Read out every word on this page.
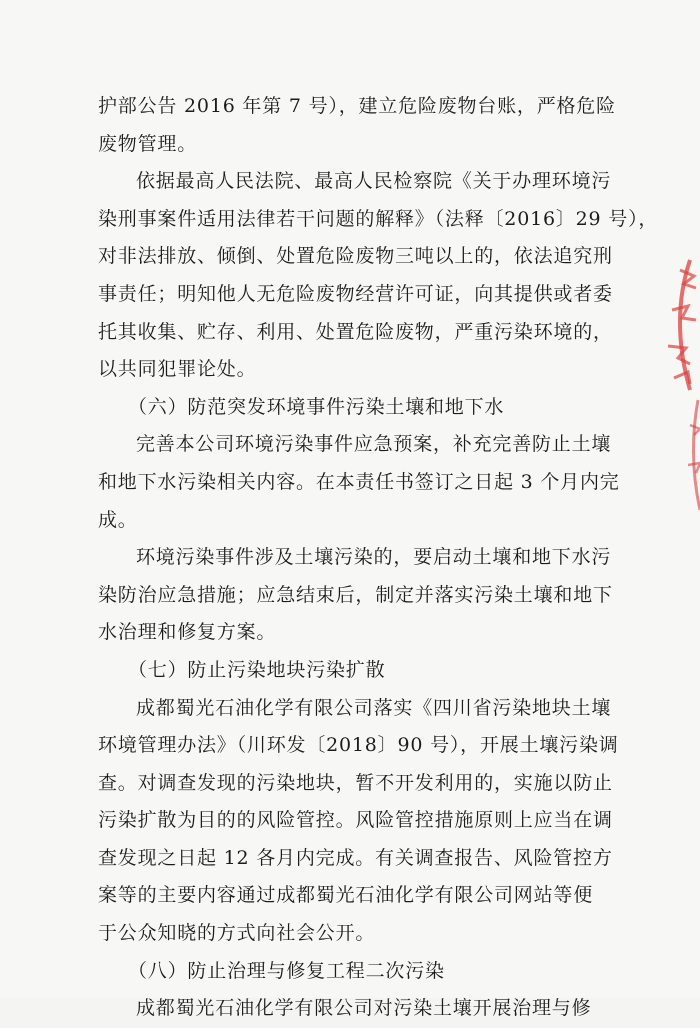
护部公告 2016 年第 7 号），建立危险废物台账，严格危险
废物管理。
依据最高人民法院、最高人民检察院《关于办理环境污
染刑事案件适用法律若干问题的解释》（法释〔2016〕29 号），
对非法排放、倾倒、处置危险废物三吨以上的，依法追究刑
事责任；明知他人无危险废物经营许可证，向其提供或者委
托其收集、贮存、利用、处置危险废物，严重污染环境的，
以共同犯罪论处。
（六）防范突发环境事件污染土壤和地下水
完善本公司环境污染事件应急预案，补充完善防止土壤
和地下水污染相关内容。在本责任书签订之日起 3 个月内完
成。
环境污染事件涉及土壤污染的，要启动土壤和地下水污
染防治应急措施；应急结束后，制定并落实污染土壤和地下
水治理和修复方案。
（七）防止污染地块污染扩散
成都蜀光石油化学有限公司落实《四川省污染地块土壤
环境管理办法》（川环发〔2018〕90 号），开展土壤污染调
查。对调查发现的污染地块，暂不开发利用的，实施以防止
污染扩散为目的的风险管控。风险管控措施原则上应当在调
查发现之日起 12 各月内完成。有关调查报告、风险管控方
案等的主要内容通过成都蜀光石油化学有限公司网站等便
于公众知晓的方式向社会公开。
（八）防止治理与修复工程二次污染
成都蜀光石油化学有限公司对污染土壤开展治理与修
